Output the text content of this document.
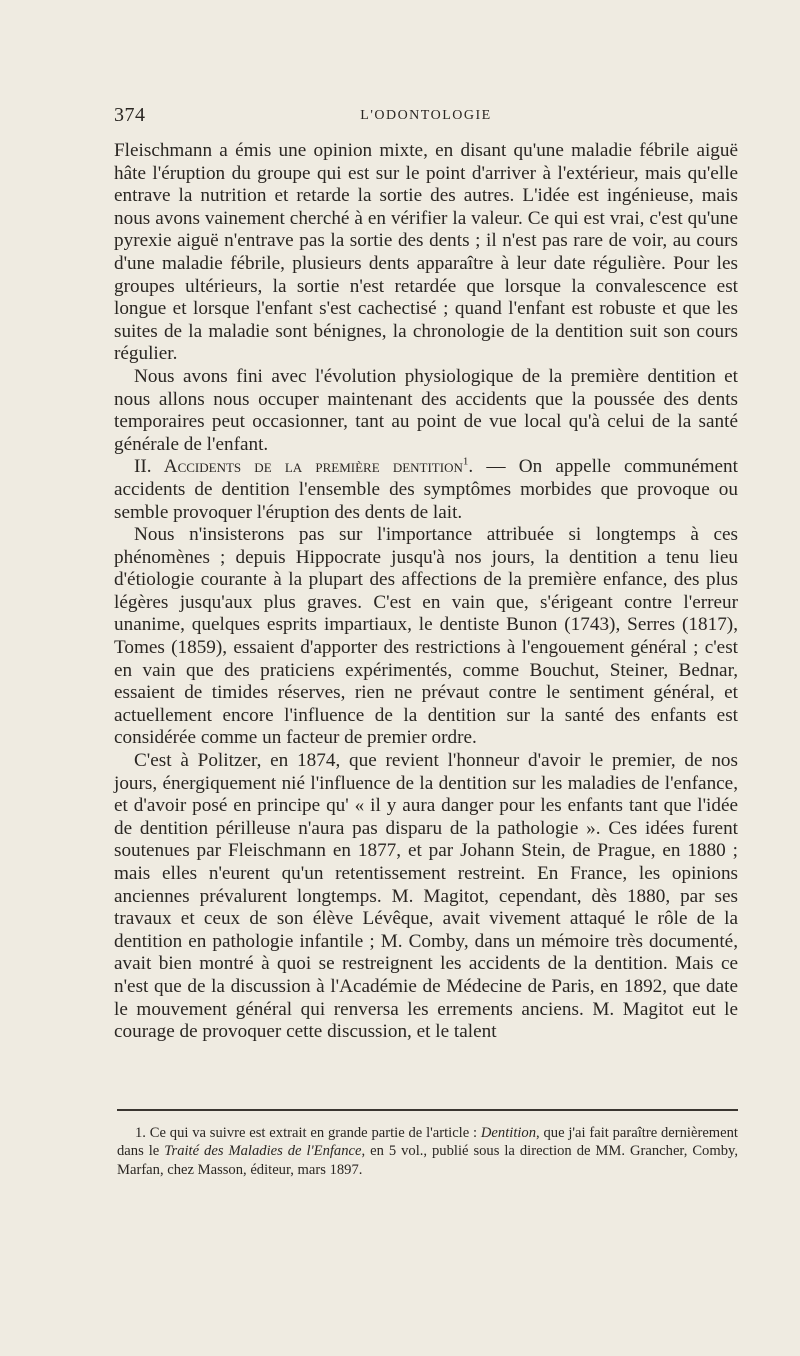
374	L'ODONTOLOGIE

Fleischmann a émis une opinion mixte, en disant qu'une maladie fébrile aiguë hâte l'éruption du groupe qui est sur le point d'arriver à l'extérieur, mais qu'elle entrave la nutrition et retarde la sortie des autres. L'idée est ingénieuse, mais nous avons vainement cherché à en vérifier la valeur. Ce qui est vrai, c'est qu'une pyrexie aiguë n'entrave pas la sortie des dents ; il n'est pas rare de voir, au cours d'une maladie fébrile, plusieurs dents apparaître à leur date régulière. Pour les groupes ultérieurs, la sortie n'est retardée que lorsque la convalescence est longue et lorsque l'enfant s'est cachectisé ; quand l'enfant est robuste et que les suites de la maladie sont bénignes, la chronologie de la dentition suit son cours régulier.

Nous avons fini avec l'évolution physiologique de la première dentition et nous allons nous occuper maintenant des accidents que la poussée des dents temporaires peut occasionner, tant au point de vue local qu'à celui de la santé générale de l'enfant.

II. Accidents de la première dentition$^1$. — On appelle communément accidents de dentition l'ensemble des symptômes morbides que provoque ou semble provoquer l'éruption des dents de lait.

Nous n'insisterons pas sur l'importance attribuée si longtemps à ces phénomènes ; depuis Hippocrate jusqu'à nos jours, la dentition a tenu lieu d'étiologie courante à la plupart des affections de la première enfance, des plus légères jusqu'aux plus graves. C'est en vain que, s'érigeant contre l'erreur unanime, quelques esprits impartiaux, le dentiste Bunon (1743), Serres (1817), Tomes (1859), essaient d'apporter des restrictions à l'engouement général ; c'est en vain que des praticiens expérimentés, comme Bouchut, Steiner, Bednar, essaient de timides réserves, rien ne prévaut contre le sentiment général, et actuellement encore l'influence de la dentition sur la santé des enfants est considérée comme un facteur de premier ordre.

C'est à Politzer, en 1874, que revient l'honneur d'avoir le premier, de nos jours, énergiquement nié l'influence de la dentition sur les maladies de l'enfance, et d'avoir posé en principe qu' « il y aura danger pour les enfants tant que l'idée de dentition périlleuse n'aura pas disparu de la pathologie ». Ces idées furent soutenues par Fleischmann en 1877, et par Johann Stein, de Prague, en 1880 ; mais elles n'eurent qu'un retentissement restreint. En France, les opinions anciennes prévalurent longtemps. M. Magitot, cependant, dès 1880, par ses travaux et ceux de son élève Lévêque, avait vivement attaqué le rôle de la dentition en pathologie infantile ; M. Comby, dans un mémoire très documenté, avait bien montré à quoi se restreignent les accidents de la dentition. Mais ce n'est que de la discussion à l'Académie de Médecine de Paris, en 1892, que date le mouvement général qui renversa les errements anciens. M. Magitot eut le courage de provoquer cette discussion, et le talent

1. Ce qui va suivre est extrait en grande partie de l'article : Dentition, que j'ai fait paraître dernièrement dans le Traité des Maladies de l'Enfance, en 5 vol., publié sous la direction de MM. Grancher, Comby, Marfan, chez Masson, éditeur, mars 1897.
